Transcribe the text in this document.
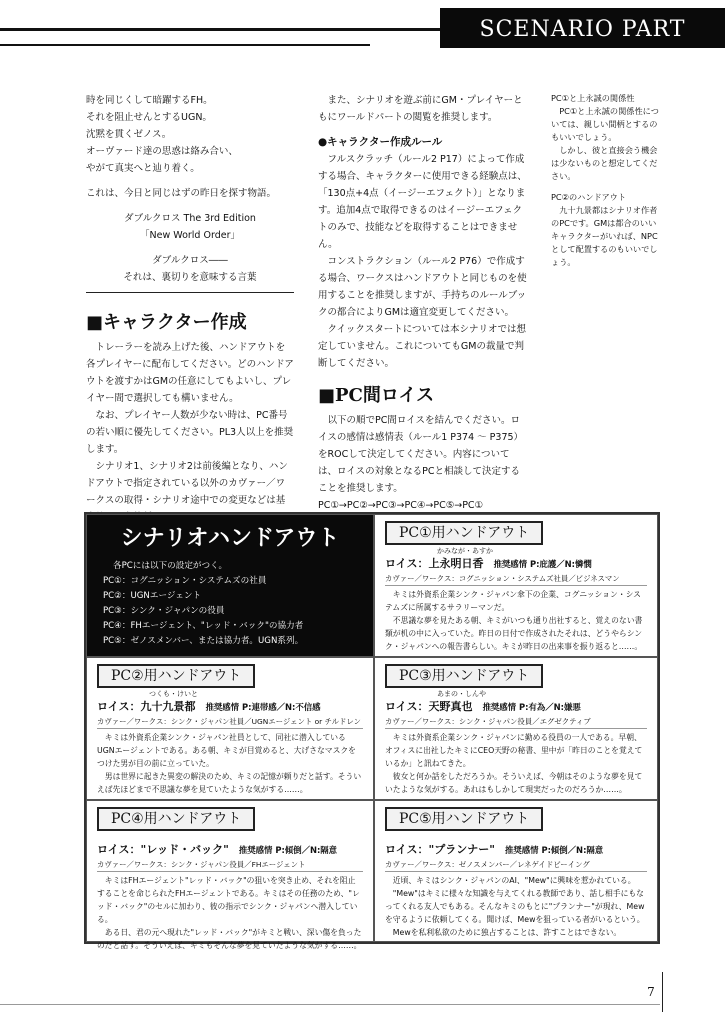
SCENARIO PART

時を同じくして暗躍するFH。

それを阻止せんとするUGN。

沈黙を貫くゼノス。

オーヴァード達の思惑は絡み合い、

やがて真実へと辿り着く。

これは、今日と同じはずの昨日を探す物語。

ダブルクロス The 3rd Edition

「New World Order」

ダブルクロス――

それは、裏切りを意味する言葉

■キャラクター作成

トレーラーを読み上げた後、ハンドアウトを各プレイヤーに配布してください。どのハンドアウトを渡すかはGMの任意にしてもよいし、プレイヤー間で選択しても構いません。

なお、プレイヤー人数が少ない時は、PC番号の若い順に優先してください。PL3人以上を推奨します。

シナリオ1、シナリオ2は前後編となり、ハンドアウトで指定されている以外のカヴァー／ワークスの取得・シナリオ途中での変更などは基

また、シナリオを遊ぶ前にGM・プレイヤーともにワールドパートの閲覧を推奨します。

●キャラクター作成ルール

フルスクラッチ（ルール2 P17）によって作成する場合、キャラクターに使用できる経験点は、「130点+4点（イージーエフェクト）」となります。追加4点で取得できるのはイージーエフェクトのみで、技能などを取得することはできません。

コンストラクション（ルール2 P76）で作成する場合、ワークスはハンドアウトと同じものを使用することを推奨しますが、手持ちのルールブックの都合によりGMは適宜変更してください。

クイックスタートについては本シナリオでは想定していません。これについてもGMの裁量で判断してください。

■PC間ロイス

以下の順でPC間ロイスを結んでください。ロイスの感情は感情表（ルール1 P374 ～ P375）をROCして決定してください。内容については、ロイスの対象となるPCと相談して決定することを推奨します。

PC①→PC②→PC③→PC④→PC⑤→PC①

PC①と上永誠の関係性

PC①と上永誠の関係性については、親しい間柄とするのもいいでしょう。

しかし、彼と直接会う機会は少ないものと想定してください。

PC②のハンドアウト

九十九景都はシナリオ作者のPCです。GMは都合のいいキャラクターがいれば、NPCとして配置するのもいいでしょう。

シナリオハンドアウト
各PCには以下の設定がつく。
PC①：コグニッション・システムズの社員
PC②：UGNエージェント
PC③：シンク・ジャパンの役員
PC④：FHエージェント、"レッド・バック"の協力者
PC⑤：ゼノスメンバー、または協力者。UGN系列。
PC①用ハンドアウト
かみなが・あすか
ロイス：上永明日香 推奨感情 P:庇護／N:憐憫
カヴァー／ワークス：コグニッション・システムズ社員／ビジネスマン

キミは外資系企業シンク・ジャパン傘下の企業、コグニッション・システムズに所属するサラリーマンだ。

不思議な夢を見たある朝、キミがいつも通り出社すると、覚えのない書類が机の中に入っていた。昨日の日付で作成されたそれは、どうやらシンク・ジャパンへの報告書らしい。キミが昨日の出来事を振り返ると……。

PC②用ハンドアウト
つくも・けいと
ロイス：九十九景都 推奨感情 P:連帯感／N:不信感
カヴァー／ワークス：シンク・ジャパン社員／UGNエージェント or チルドレン

キミは外資系企業シンク・ジャパン社員として、同社に潜入しているUGNエージェントである。ある朝、キミが目覚めると、大げさなマスクをつけた男が目の前に立っていた。

男は世界に起きた異変の解決のため、キミの記憶が頼りだと話す。そういえば先ほどまで不思議な夢を見ていたような気がする……。

PC③用ハンドアウト
あまの・しんや
ロイス：天野真也 推奨感情 P:有為／N:嫌悪
カヴァー／ワークス：シンク・ジャパン役員／エグゼクティブ

キミは外資系企業シンク・ジャパンに勤める役員の一人である。早朝、オフィスに出社したキミにCEO天野の秘書、里中が「昨日のことを覚えているか」と訊ねてきた。

彼女と何か話をしただろうか。そういえば、今朝はそのような夢を見ていたような気がする。あれはもしかして現実だったのだろうか……。

PC④用ハンドアウト

ロイス："レッド・バック" 推奨感情 P:傾倒／N:隔意
カヴァー／ワークス：シンク・ジャパン役員／FHエージェント

キミはFHエージェント"レッド・バック"の狙いを突き止め、それを阻止することを命じられたFHエージェントである。キミはその任務のため、"レッド・バック"のセルに加わり、彼の指示でシンク・ジャパンへ潜入している。

ある日、君の元へ現れた"レッド・バック"がキミと戦い、深い傷を負ったのだと話す。そういえば、キミもそんな夢を見ていたような気がする……。

PC⑤用ハンドアウト

ロイス："プランナー" 推奨感情 P:傾倒／N:隔意
カヴァー／ワークス：ゼノスメンバー／レネゲイドビーイング

近頃、キミはシンク・ジャパンのAI、"Mew"に興味を惹かれている。

"Mew"はキミに様々な知識を与えてくれる教師であり、話し相手にもなってくれる友人でもある。そんなキミのもとに"プランナー"が現れ、Mewを守るように依頼してくる。聞けば、Mewを狙っている者がいるという。

Mewを私利私欲のために独占することは、許すことはできない。

7
